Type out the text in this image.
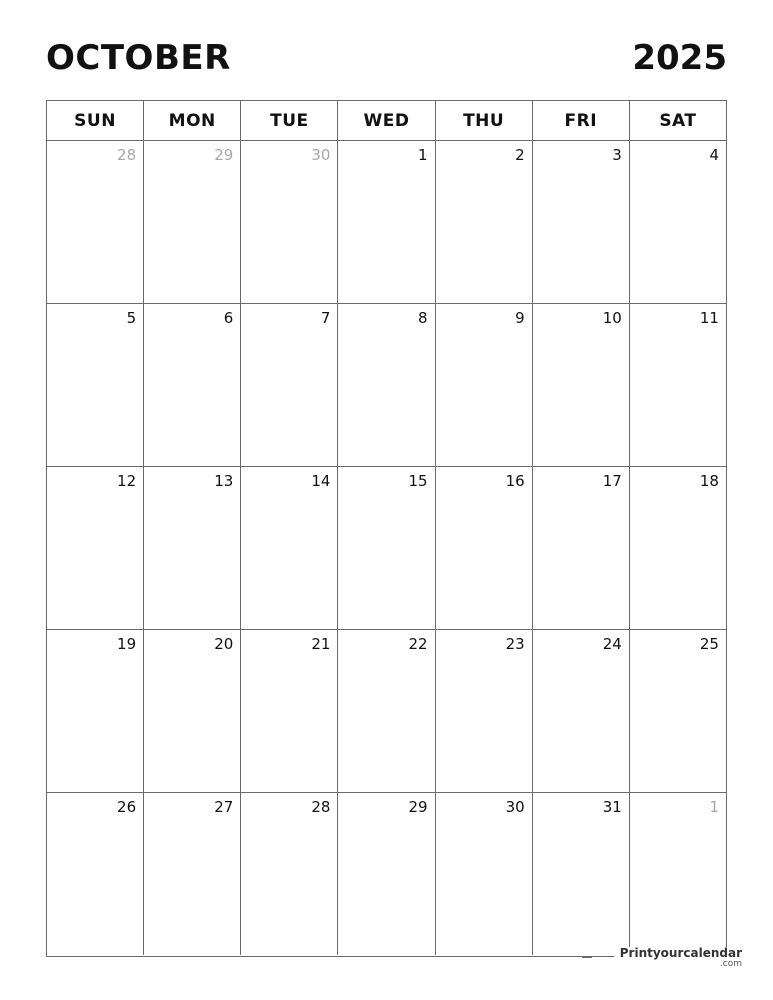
OCTOBER	2025
SUN	MON	TUE	WED	THU	FRI	SAT
28	29	30	1	2	3	4
5	6	7	8	9	10	11
12	13	14	15	16	17	18
19	20	21	22	23	24	25
26	27	28	29	30	31	1
Printyourcalendar
.com
